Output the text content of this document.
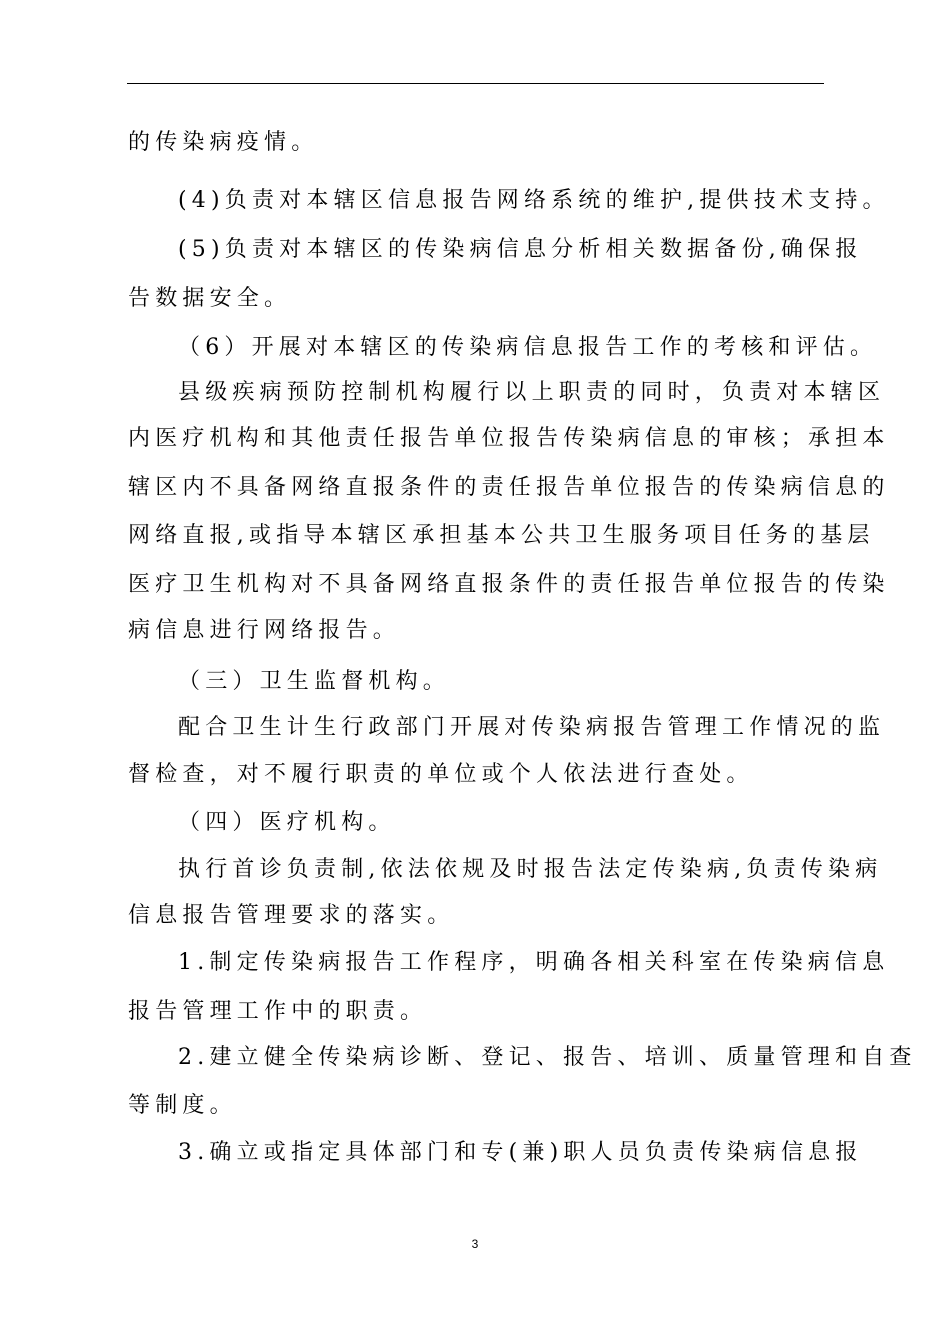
的传染病疫情。
(4)负责对本辖区信息报告网络系统的维护,提供技术支持。
(5)负责对本辖区的传染病信息分析相关数据备份,确保报
告数据安全。
（6）开展对本辖区的传染病信息报告工作的考核和评估。
县级疾病预防控制机构履行以上职责的同时，负责对本辖区
内医疗机构和其他责任报告单位报告传染病信息的审核；承担本
辖区内不具备网络直报条件的责任报告单位报告的传染病信息的
网络直报,或指导本辖区承担基本公共卫生服务项目任务的基层
医疗卫生机构对不具备网络直报条件的责任报告单位报告的传染
病信息进行网络报告。
（三）卫生监督机构。
配合卫生计生行政部门开展对传染病报告管理工作情况的监
督检查，对不履行职责的单位或个人依法进行查处。
（四）医疗机构。
执行首诊负责制,依法依规及时报告法定传染病,负责传染病
信息报告管理要求的落实。
1.制定传染病报告工作程序，明确各相关科室在传染病信息
报告管理工作中的职责。
2.建立健全传染病诊断、登记、报告、培训、质量管理和自查
等制度。
3.确立或指定具体部门和专(兼)职人员负责传染病信息报
3
